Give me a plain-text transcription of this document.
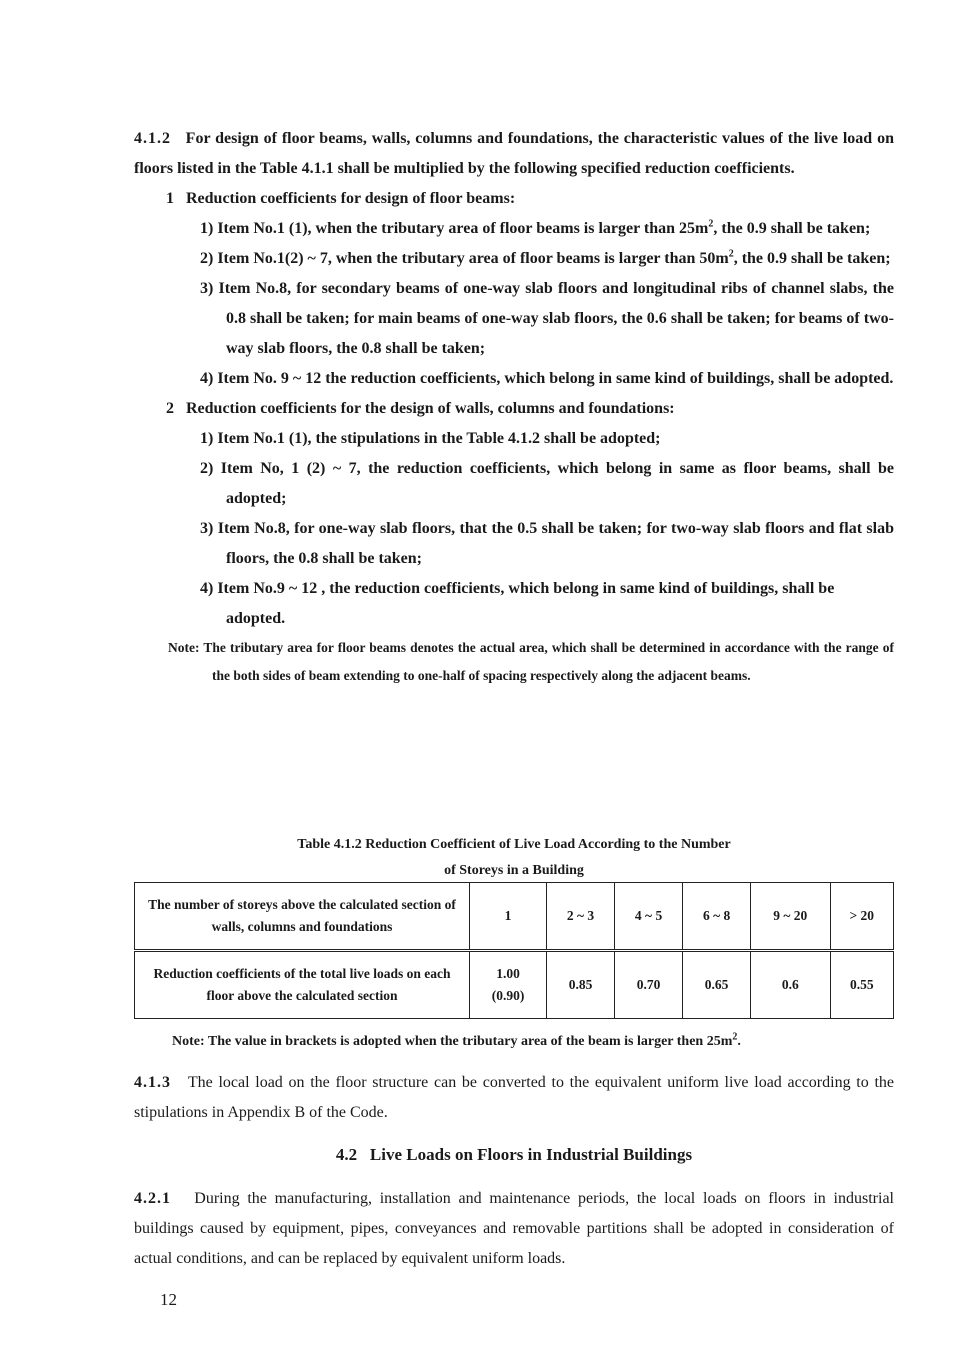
4.1.2 For design of floor beams, walls, columns and foundations, the characteristic values of the live load on floors listed in the Table 4.1.1 shall be multiplied by the following specified reduction coefficients.

1 Reduction coefficients for design of floor beams:

1) Item No.1 (1), when the tributary area of floor beams is larger than $25m^2$, the 0.9 shall be taken;

2) Item No.1(2) ~ 7, when the tributary area of floor beams is larger than $50m^2$, the 0.9 shall be taken;

3) Item No.8, for secondary beams of one-way slab floors and longitudinal ribs of channel slabs, the 0.8 shall be taken; for main beams of one-way slab floors, the 0.6 shall be taken; for beams of two-way slab floors, the 0.8 shall be taken;

4) Item No. 9 ~ 12 the reduction coefficients, which belong in same kind of buildings, shall be adopted.

2 Reduction coefficients for the design of walls, columns and foundations:

1) Item No.1 (1), the stipulations in the Table 4.1.2 shall be adopted;

2) Item No, 1 (2) ~ 7, the reduction coefficients, which belong in same as floor beams, shall be adopted;

3) Item No.8, for one-way slab floors, that the 0.5 shall be taken; for two-way slab floors and flat slab floors, the 0.8 shall be taken;

4) Item No.9 ~ 12 , the reduction coefficients, which belong in same kind of buildings, shall be adopted.

Note: The tributary area for floor beams denotes the actual area, which shall be determined in accordance with the range of the both sides of beam extending to one-half of spacing respectively along the adjacent beams.

Table 4.1.2 Reduction Coefficient of Live Load According to the Number
of Storeys in a Building
The number of storeys above the calculated section of walls, columns and foundations	1	2 ~ 3	4 ~ 5	6 ~ 8	9 ~ 20	> 20
Reduction coefficients of the total live loads on each floor above the calculated section	1.00
(0.90)	0.85	0.70	0.65	0.6	0.55
Note: The value in brackets is adopted when the tributary area of the beam is larger then $25m^2$.

4.1.3 The local load on the floor structure can be converted to the equivalent uniform live load according to the stipulations in Appendix B of the Code.

4.2 Live Loads on Floors in Industrial Buildings

4.2.1 During the manufacturing, installation and maintenance periods, the local loads on floors in industrial buildings caused by equipment, pipes, conveyances and removable partitions shall be adopted in consideration of actual conditions, and can be replaced by equivalent uniform loads.

12
